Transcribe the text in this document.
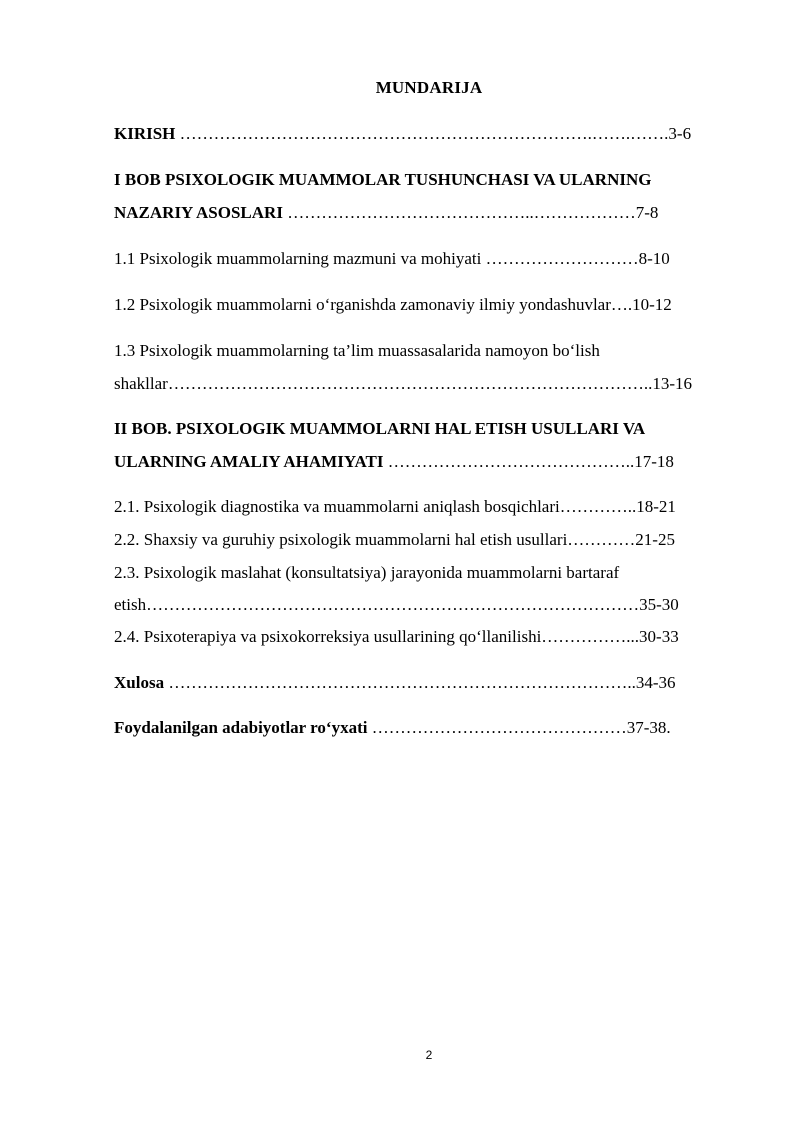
MUNDARIJA
KIRISH ……………………………………………………………….…….…….3-6
I BOB PSIXOLOGIK MUAMMOLAR TUSHUNCHASI VA ULARNING
NAZARIY ASOSLARI ……………………………………..………………7-8
1.1 Psixologik muammolarning mazmuni va mohiyati ………………………8-10
1.2 Psixologik muammolarni o‘rganishda zamonaviy ilmiy yondashuvlar….10-12
1.3 Psixologik muammolarning ta’lim muassasalarida namoyon bo‘lish
shakllar…………………………………………………………………………..13-16
II BOB. PSIXOLOGIK MUAMMOLARNI HAL ETISH USULLARI VA
ULARNING AMALIY AHAMIYATI ……………………………………..17-18
2.1. Psixologik diagnostika va muammolarni aniqlash bosqichlari…………..18-21
2.2. Shaxsiy va guruhiy psixologik muammolarni hal etish usullari…………21-25
2.3. Psixologik maslahat (konsultatsiya) jarayonida muammolarni bartaraf
etish……………………………………………………………………………35-30
2.4. Psixoterapiya va psixokorreksiya usullarining qo‘llanilishi……………...30-33
Xulosa ………………………………………………………………………..34-36
Foydalanilgan adabiyotlar ro‘yxati ………………………………………37-38.
2
